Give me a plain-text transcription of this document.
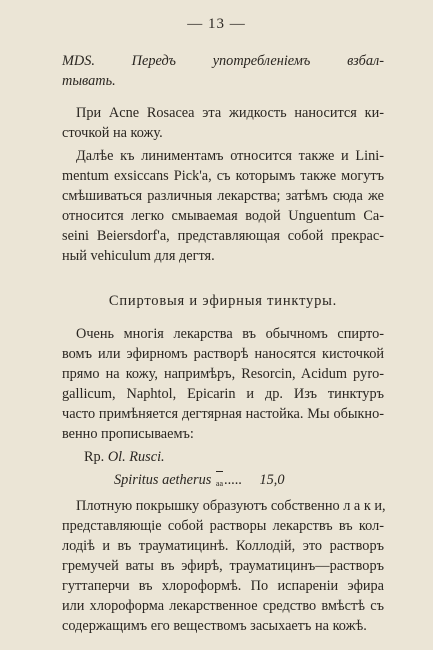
— 13 —
MDS. Передъ употребленіемъ взбал-
тывать.
При Acne Rosacea эта жидкость наносится ки-
сточкой на кожу.
Далѣе къ линиментамъ относится также и Lini-
mentum exsiccans Pick'a, съ которымъ также могутъ
смѣшиваться различныя лекарства; затѣмъ сюда же
относится легко смываемая водой Unguentum Ca-
seini Beiersdorf'a, представляющая собой прекрас-
ный vehiculum для дегтя.
Спиртовыя и эфирныя тинктуры.
Очень многія лекарства въ обычномъ спирто-
вомъ или эфирномъ растворѣ наносятся кисточкой
прямо на кожу, напримѣръ, Resorcin, Acidum pyro-
gallicum, Naphtol, Epicarin и др. Изъ тинктуръ
часто примѣняется дегтярная настойка. Мы обыкно-
венно прописываемъ:
Rp. Ol. Rusci.
Spiritus aetherus aa..... 15,0
Плотную покрышку образуютъ собственно л а к и,
представляющіе собой растворы лекарствъ въ кол-
лодіѣ и въ траумaтицинѣ. Коллодій, это растворъ
гремучей ваты въ эфирѣ, траумaтицинъ—растворъ
гуттаперчи въ хлороформѣ. По испареніи эфира
или хлороформа лекарственное средство вмѣстѣ съ
содержащимъ его веществомъ засыхаетъ на кожѣ.
